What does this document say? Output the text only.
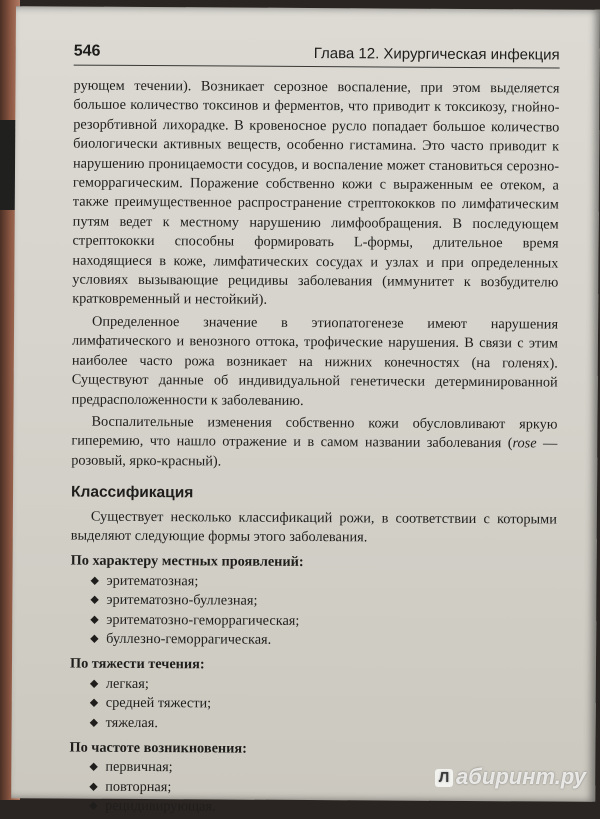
546	Глава 12. Хирургическая инфекция

рующем течении). Возникает серозное воспаление, при этом выделяется большое количество токсинов и ферментов, что приводит к токсикозу, гнойно-резорбтивной лихорадке. В кровеносное русло попадает большое количество биологически активных веществ, особенно гистамина. Это часто приводит к нарушению проницаемости сосудов, и воспаление может становиться серозно-геморрагическим. Поражение собственно кожи с выраженным ее отеком, а также преимущественное распространение стрептококков по лимфатическим путям ведет к местному нарушению лимфообращения. В последующем стрептококки способны формировать L-формы, длительное время находящиеся в коже, лимфатических сосудах и узлах и при определенных условиях вызывающие рецидивы заболевания (иммунитет к возбудителю кратковременный и нестойкий).

Определенное значение в этиопатогенезе имеют нарушения лимфатического и венозного оттока, трофические нарушения. В связи с этим наиболее часто рожа возникает на нижних конечностях (на голенях). Существуют данные об индивидуальной генетически детерминированной предрасположенности к заболеванию.

Воспалительные изменения собственно кожи обусловливают яркую гиперемию, что нашло отражение и в самом названии заболевания (rose — розовый, ярко-красный).

Классификация

Существует несколько классификаций рожи, в соответствии с которыми выделяют следующие формы этого заболевания.

По характеру местных проявлений:
◆ эритематозная;
◆ эритематозно-буллезная;
◆ эритематозно-геморрагическая;
◆ буллезно-геморрагическая.
По тяжести течения:
◆ легкая;
◆ средней тяжести;
◆ тяжелая.
По частоте возникновения:
◆ первичная;
◆ повторная;
◆ рецидивирующая.
Л абиринт.ру
